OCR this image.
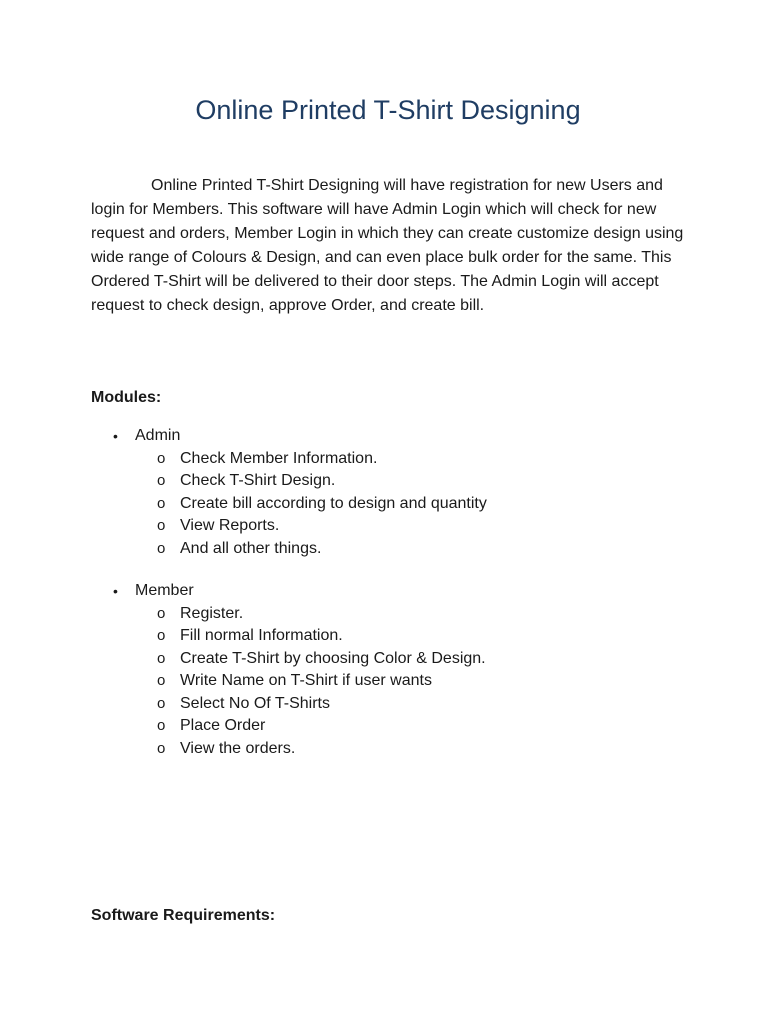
Online Printed T-Shirt Designing

Online Printed T-Shirt Designing will have registration for new Users and login for Members. This software will have Admin Login which will check for new request and orders, Member Login in which they can create customize design using wide range of Colours & Design, and can even place bulk order for the same. This Ordered T-Shirt will be delivered to their door steps. The Admin Login will accept request to check design, approve Order, and create bill.

Modules:
• Admin
o Check Member Information.
o Check T-Shirt Design.
o Create bill according to design and quantity
o View Reports.
o And all other things.
• Member
o Register.
o Fill normal Information.
o Create T-Shirt by choosing Color & Design.
o Write Name on T-Shirt if user wants
o Select No Of T-Shirts
o Place Order
o View the orders.
Software Requirements:
